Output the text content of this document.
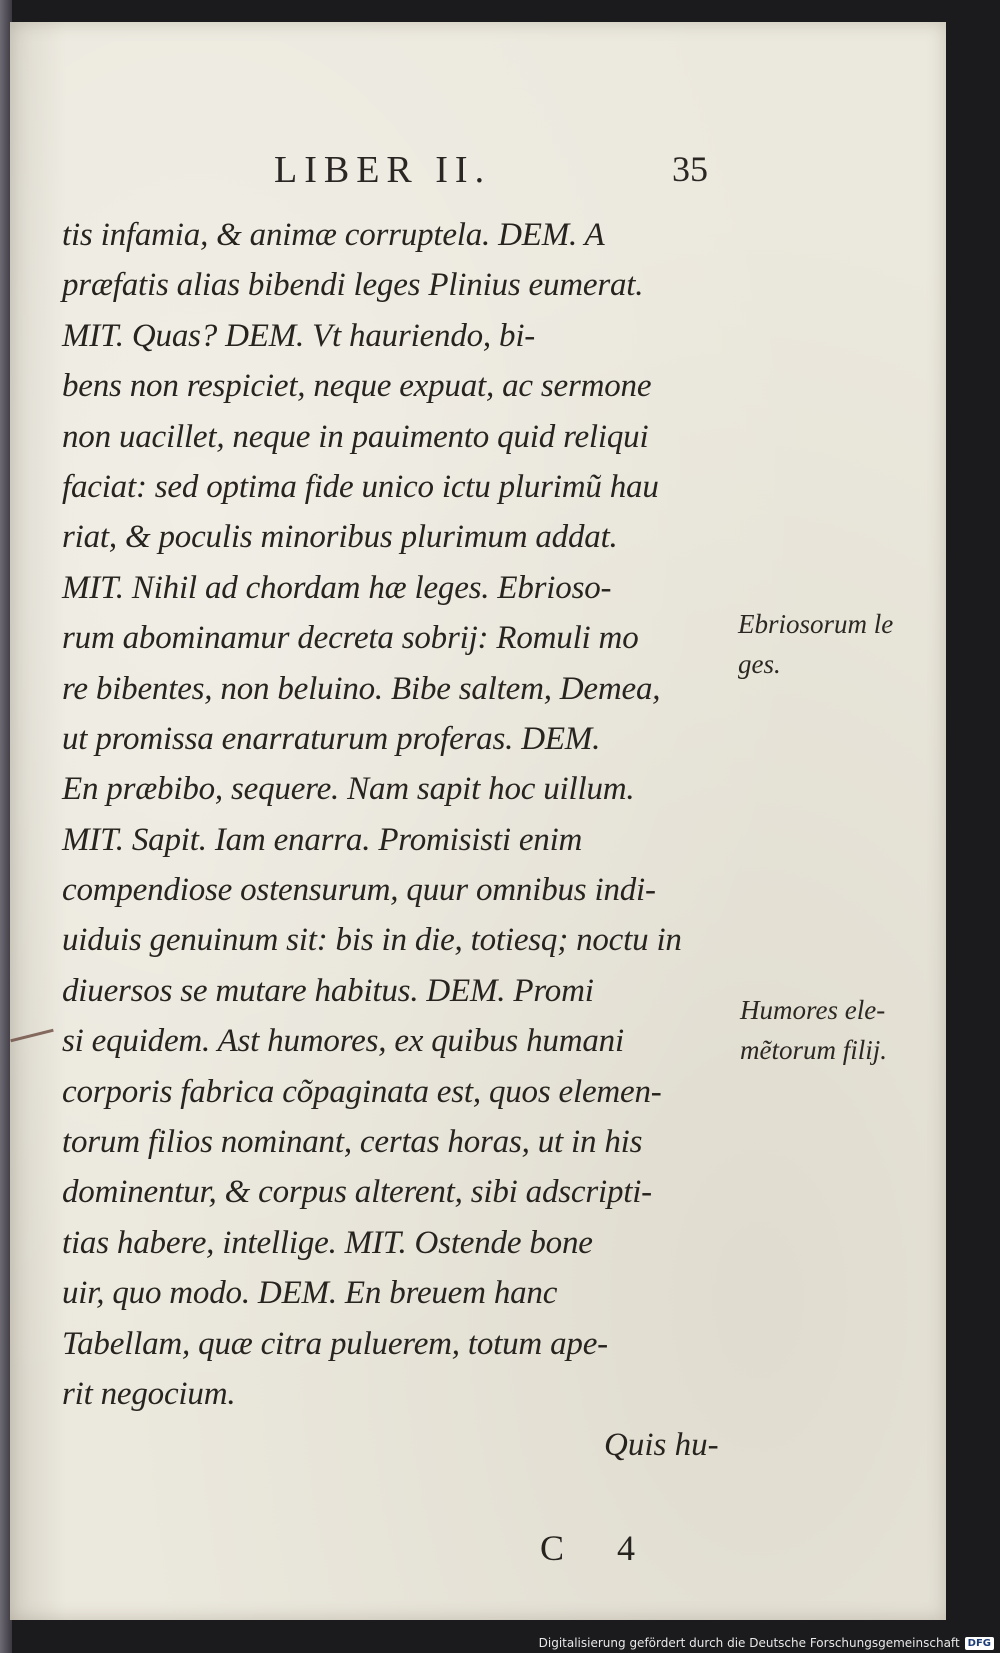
LIBER II.	35
tis infamia, & animæ corruptela. DEM. A
præfatis alias bibendi leges Plinius eumerat.
MIT. Quas? DEM. Vt hauriendo, bi-
bens non respiciet, neque expuat, ac sermone
non uacillet, neque in pauimento quid reliqui
faciat: sed optima fide unico ictu plurimũ hau
riat, & poculis minoribus plurimum addat.
MIT. Nihil ad chordam hæ leges. Ebrioso-
rum abominamur decreta sobrij: Romuli mo
re bibentes, non beluino. Bibe saltem, Demea,
ut promissa enarraturum proferas. DEM.
En præbibo, sequere. Nam sapit hoc uillum.
MIT. Sapit. Iam enarra. Promisisti enim
compendiose ostensurum, quur omnibus indi-
uiduis genuinum sit: bis in die, totiesq; noctu in
diuersos se mutare habitus. DEM. Promi
si equidem. Ast humores, ex quibus humani
corporis fabrica cõpaginata est, quos elemen-
torum filios nominant, certas horas, ut in his
dominentur, & corpus alterent, sibi adscripti-
tias habere, intellige. MIT. Ostende bone
uir, quo modo. DEM. En breuem hanc
Tabellam, quæ citra puluerem, totum ape-
rit negocium.
Ebriosorum le
ges.
Humores ele-
mẽtorum filij.
Quis hu-
C 4
Digitalisierung gefördert durch die Deutsche Forschungsgemeinschaft DFG
